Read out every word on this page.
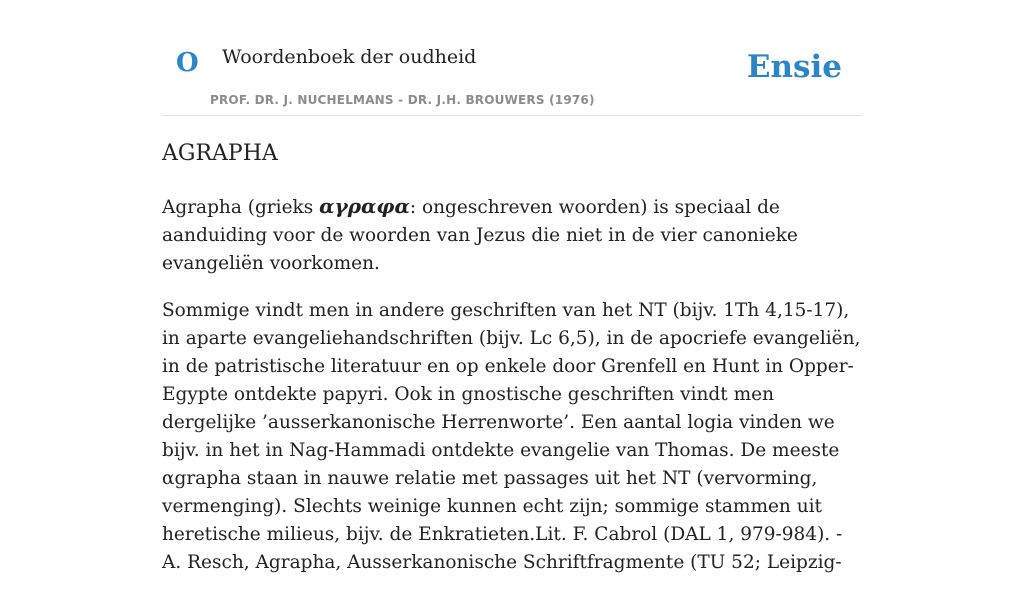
O Woordenboek der oudheid
PROF. DR. J. NUCHELMANS - DR. J.H. BROUWERS (1976)
Ensie
AGRAPHA

Agrapha (grieks αγραφα: ongeschreven woorden) is speciaal de aanduiding voor de woorden van Jezus die niet in de vier canonieke evangeliën voorkomen.

Sommige vindt men in andere geschriften van het NT (bijv. 1Th 4,15-17), in aparte evangeliehandschriften (bijv. Lc 6,5), in de apocriefe evangeliën, in de patristische literatuur en op enkele door Grenfell en Hunt in Opper-Egypte ontdekte papyri. Ook in gnostische geschriften vindt men dergelijke ’ausserkanonische Herrenworte’. Een aantal logia vinden we bijv. in het in Nag-Hammadi ontdekte evangelie van Thomas. De meeste αgrapha staan in nauwe relatie met passages uit het NT (vervorming, vermenging). Slechts weinige kunnen echt zijn; sommige stammen uit heretische milieus, bijv. de Enkratieten.Lit. F. Cabrol (DAL 1, 979-984). - A. Resch, Agrapha, Ausserkanonische Schriftfragmente (TU 52; Leipzig-
